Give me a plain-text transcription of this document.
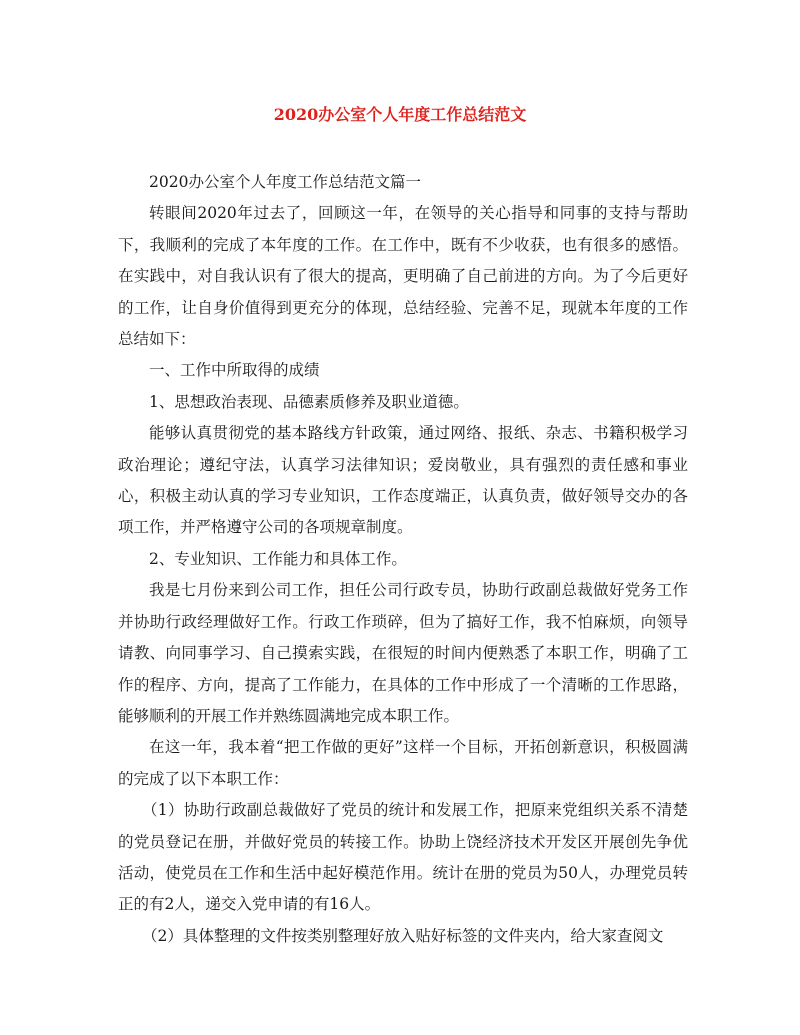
2020办公室个人年度工作总结范文

2020办公室个人年度工作总结范文篇一

转眼间2020年过去了，回顾这一年，在领导的关心指导和同事的支持与帮助下，我顺利的完成了本年度的工作。在工作中，既有不少收获，也有很多的感悟。在实践中，对自我认识有了很大的提高，更明确了自己前进的方向。为了今后更好的工作，让自身价值得到更充分的体现，总结经验、完善不足，现就本年度的工作总结如下：

一、工作中所取得的成绩

1、思想政治表现、品德素质修养及职业道德。

能够认真贯彻党的基本路线方针政策，通过网络、报纸、杂志、书籍积极学习政治理论；遵纪守法，认真学习法律知识；爱岗敬业，具有强烈的责任感和事业心，积极主动认真的学习专业知识，工作态度端正，认真负责，做好领导交办的各项工作，并严格遵守公司的各项规章制度。

2、专业知识、工作能力和具体工作。

我是七月份来到公司工作，担任公司行政专员，协助行政副总裁做好党务工作并协助行政经理做好工作。行政工作琐碎，但为了搞好工作，我不怕麻烦，向领导请教、向同事学习、自己摸索实践，在很短的时间内便熟悉了本职工作，明确了工作的程序、方向，提高了工作能力，在具体的工作中形成了一个清晰的工作思路，能够顺利的开展工作并熟练圆满地完成本职工作。

在这一年，我本着“把工作做的更好”这样一个目标，开拓创新意识，积极圆满的完成了以下本职工作：

（1）协助行政副总裁做好了党员的统计和发展工作，把原来党组织关系不清楚的党员登记在册，并做好党员的转接工作。协助上饶经济技术开发区开展创先争优活动，使党员在工作和生活中起好模范作用。统计在册的党员为50人，办理党员转正的有2人，递交入党申请的有16人。

（2）具体整理的文件按类别整理好放入贴好标签的文件夹内，给大家查阅文
